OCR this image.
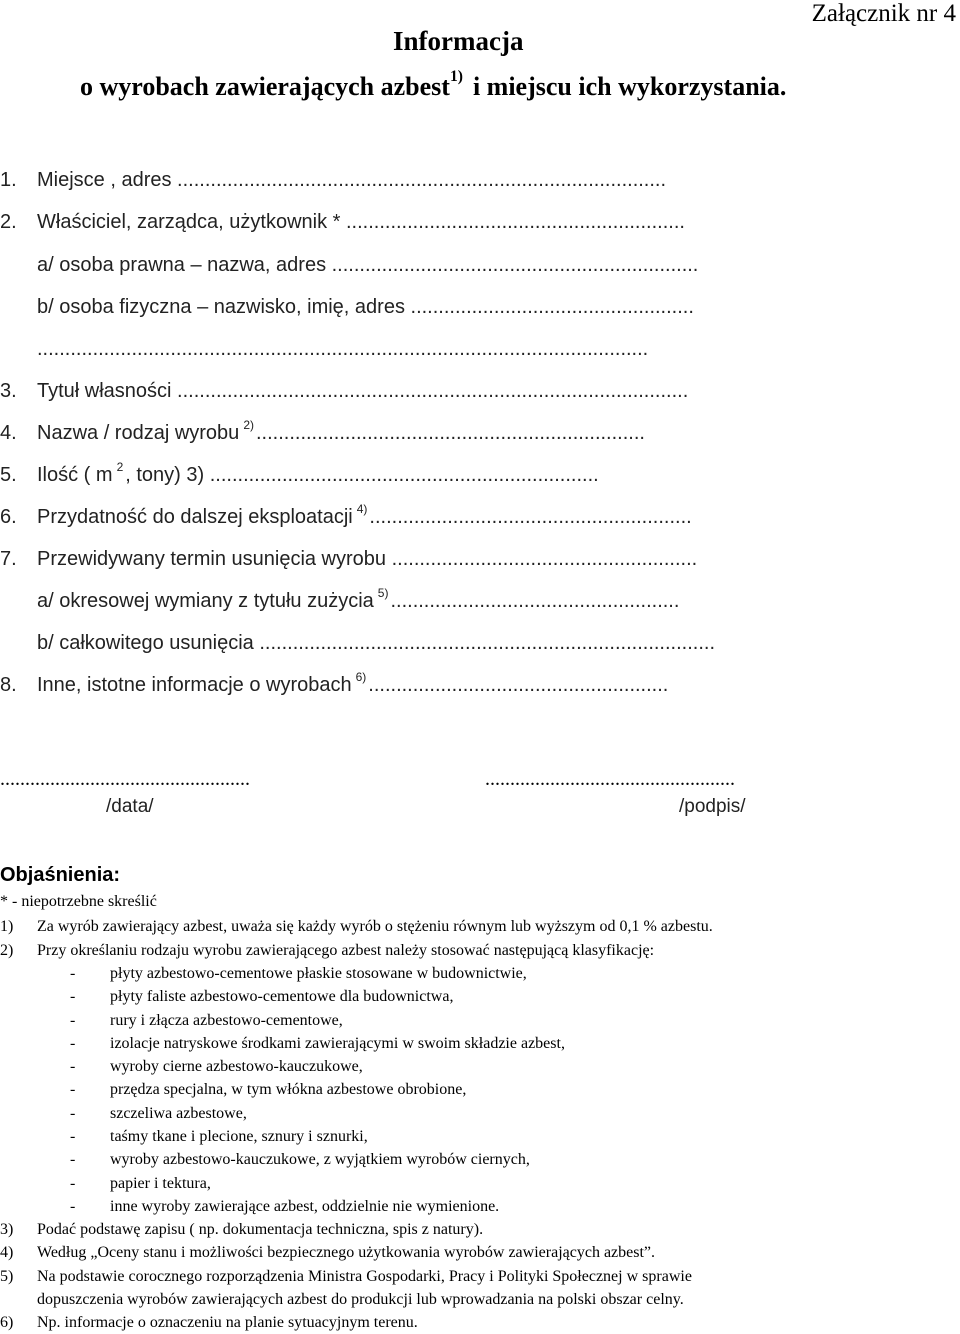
Załącznik nr 4
Informacja
o wyrobach zawierających azbest$^{1)}$ i miejscu ich wykorzystania.
1. Miejsce , adres ........................................................................................
2. Właściciel, zarządca, użytkownik * .............................................................
a/ osoba prawna – nazwa, adres ..................................................................
b/ osoba fizyczna – nazwisko, imię, adres ...................................................
..............................................................................................................
3. Tytuł własności ............................................................................................
4. Nazwa / rodzaj wyrobu $^{2)}$ ......................................................................
5. Ilość ( m $^2$ , tony) 3) ......................................................................
6. Przydatność do dalszej eksploatacji $^{4)}$ ..........................................................
7. Przewidywany termin usunięcia wyrobu .......................................................
a/ okresowej wymiany z tytułu zużycia $^{5)}$ ....................................................
b/ całkowitego usunięcia ..................................................................................
8. Inne, istotne informacje o wyrobach $^{6)}$ ......................................................
..................................................	..................................................
/data/	/podpis/
Objaśnienia:
* - niepotrzebne skreślić
1) Za wyrób zawierający azbest, uważa się każdy wyrób o stężeniu równym lub wyższym od 0,1 % azbestu.
2) Przy określaniu rodzaju wyrobu zawierającego azbest należy stosować następującą klasyfikację:
- płyty azbestowo-cementowe płaskie stosowane w budownictwie,
- płyty faliste azbestowo-cementowe dla budownictwa,
- rury i złącza azbestowo-cementowe,
- izolacje natryskowe środkami zawierającymi w swoim składzie azbest,
- wyroby cierne azbestowo-kauczukowe,
- przędza specjalna, w tym włókna azbestowe obrobione,
- szczeliwa azbestowe,
- taśmy tkane i plecione, sznury i sznurki,
- wyroby azbestowo-kauczukowe, z wyjątkiem wyrobów ciernych,
- papier i tektura,
- inne wyroby zawierające azbest, oddzielnie nie wymienione.
3) Podać podstawę zapisu ( np. dokumentacja techniczna, spis z natury).
4) Według „Oceny stanu i możliwości bezpiecznego użytkowania wyrobów zawierających azbest”.
5) Na podstawie corocznego rozporządzenia Ministra Gospodarki, Pracy i Polityki Społecznej w sprawie
dopuszczenia wyrobów zawierających azbest do produkcji lub wprowadzania na polski obszar celny.
6) Np. informacje o oznaczeniu na planie sytuacyjnym terenu.
